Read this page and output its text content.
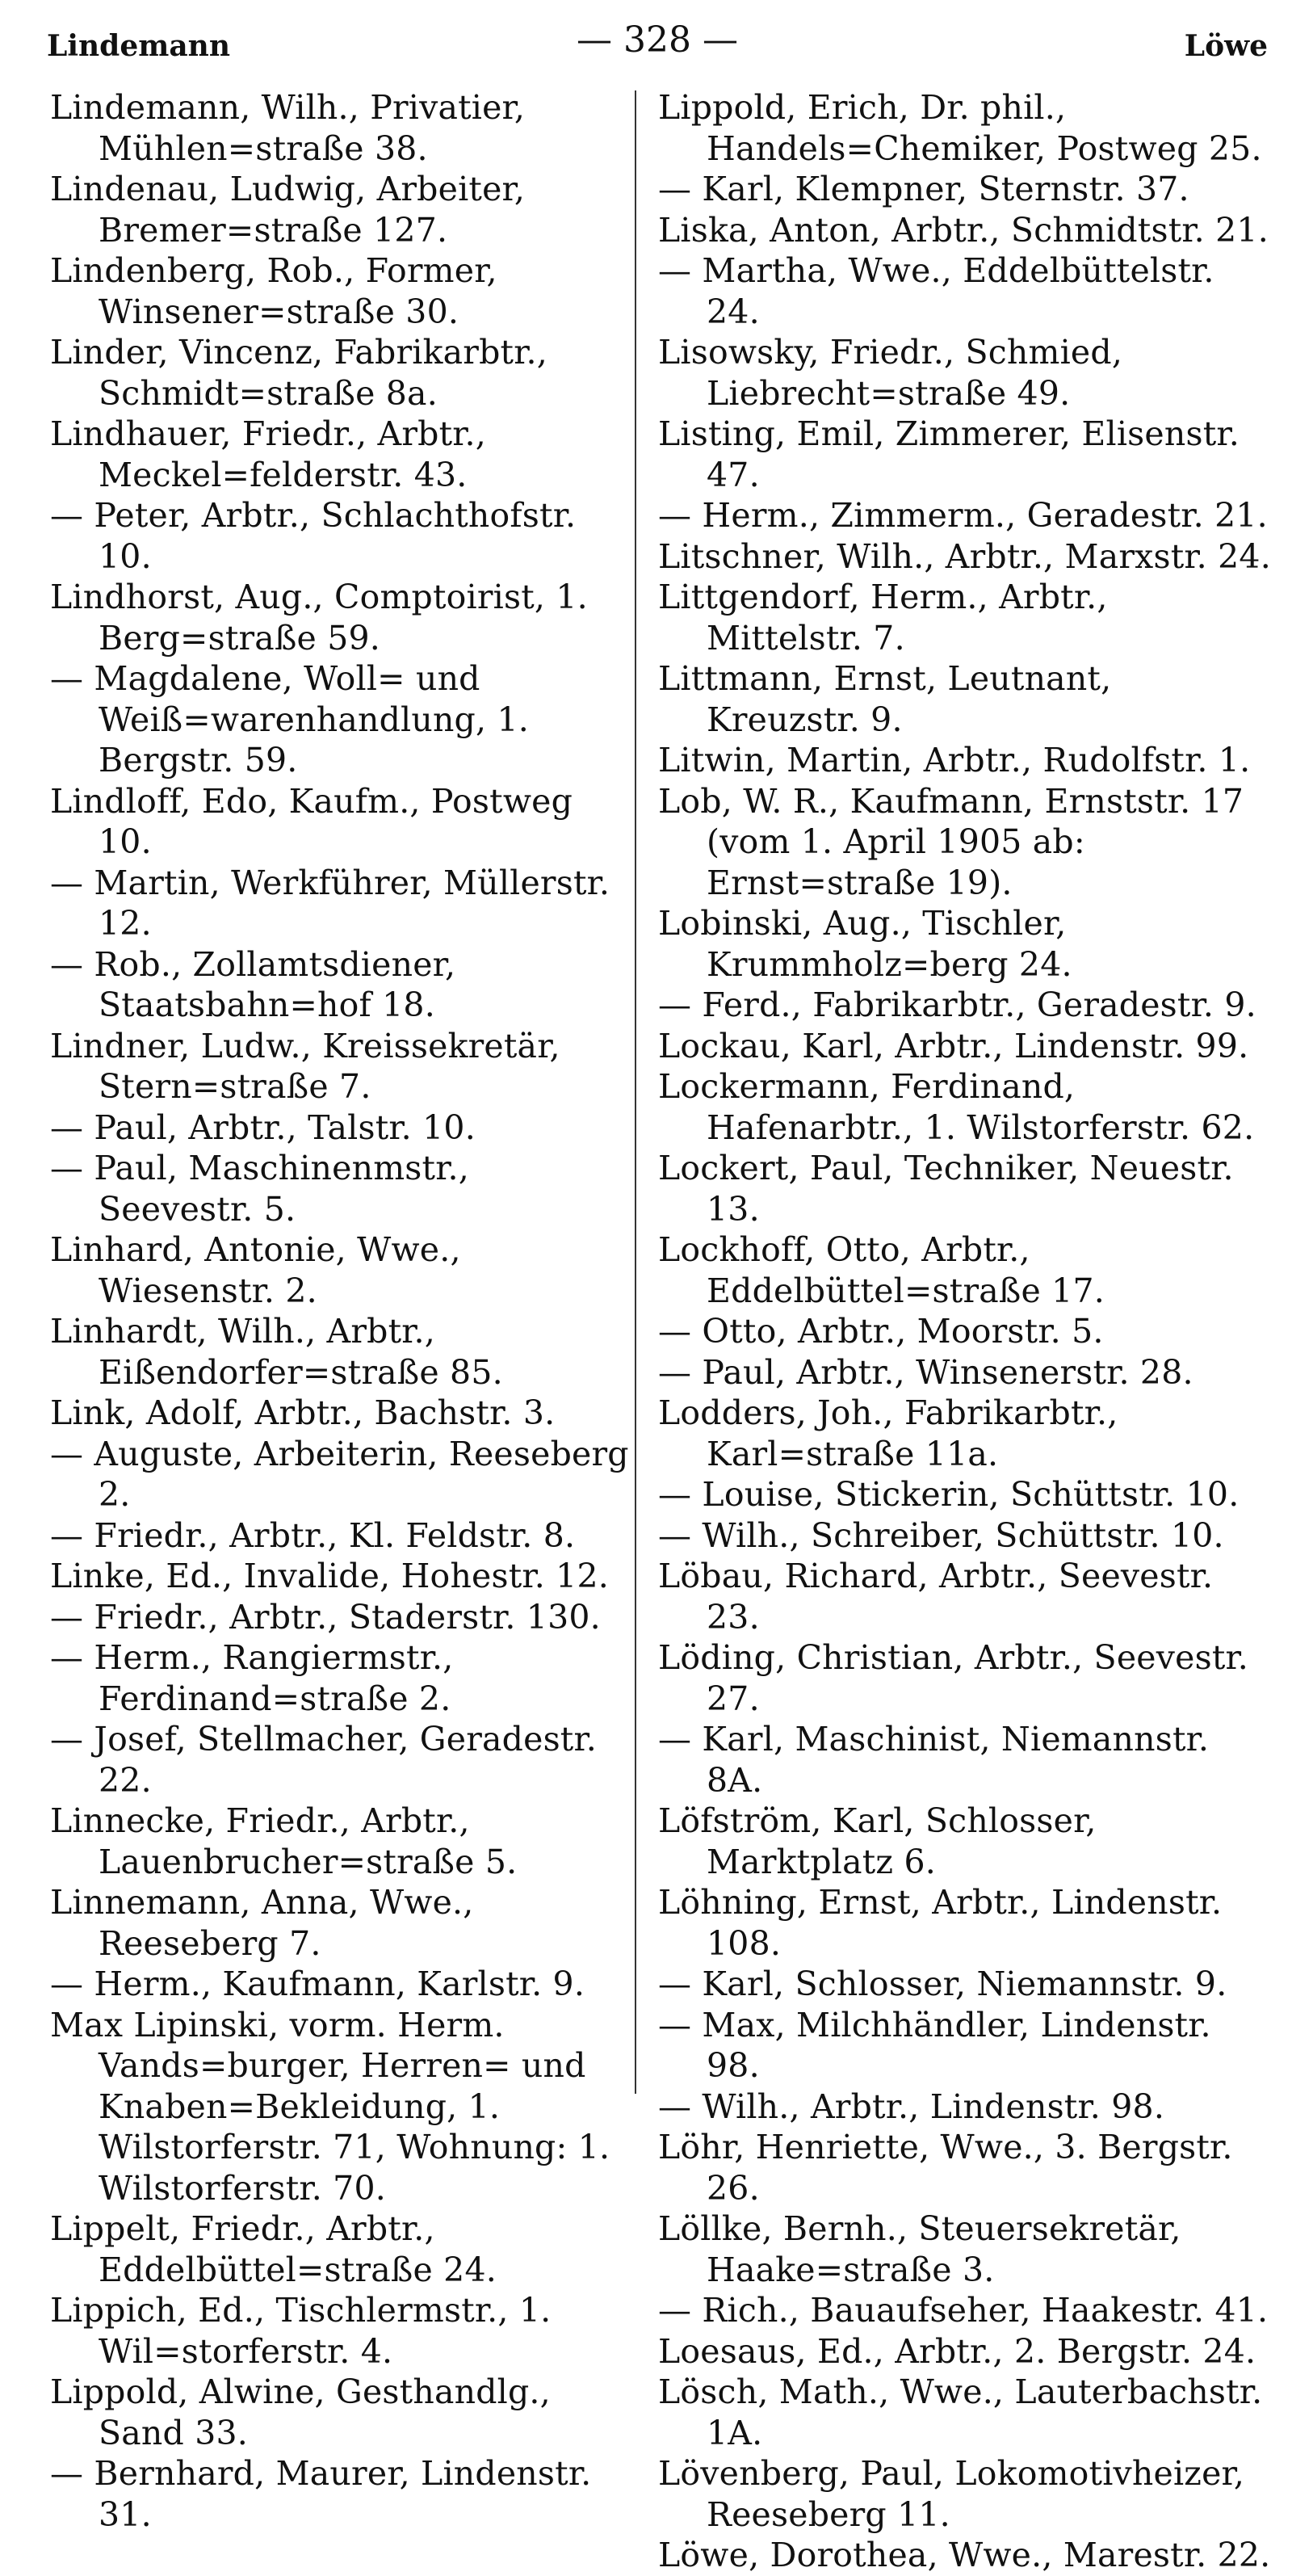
Lindemann	— 328 —	Löwe
Lindemann, Wilh., Privatier, Mühlen=straße 38.
Lindenau, Ludwig, Arbeiter, Bremer=straße 127.
Lindenberg, Rob., Former, Winsener=straße 30.
Linder, Vincenz, Fabrikarbtr., Schmidt=straße 8a.
Lindhauer, Friedr., Arbtr., Meckel=felderstr. 43.
— Peter, Arbtr., Schlachthofstr. 10.
Lindhorst, Aug., Comptoirist, 1. Berg=straße 59.
— Magdalene, Woll= und Weiß=warenhandlung, 1. Bergstr. 59.
Lindloff, Edo, Kaufm., Postweg 10.
— Martin, Werkführer, Müllerstr. 12.
— Rob., Zollamtsdiener, Staatsbahn=hof 18.
Lindner, Ludw., Kreissekretär, Stern=straße 7.
— Paul, Arbtr., Talstr. 10.
— Paul, Maschinenmstr., Seevestr. 5.
Linhard, Antonie, Wwe., Wiesenstr. 2.
Linhardt, Wilh., Arbtr., Eißendorfer=straße 85.
Link, Adolf, Arbtr., Bachstr. 3.
— Auguste, Arbeiterin, Reeseberg 2.
— Friedr., Arbtr., Kl. Feldstr. 8.
Linke, Ed., Invalide, Hohestr. 12.
— Friedr., Arbtr., Staderstr. 130.
— Herm., Rangiermstr., Ferdinand=straße 2.
— Josef, Stellmacher, Geradestr. 22.
Linnecke, Friedr., Arbtr., Lauenbrucher=straße 5.
Linnemann, Anna, Wwe., Reeseberg 7.
— Herm., Kaufmann, Karlstr. 9.
Max Lipinski, vorm. Herm. Vands=burger, Herren= und Knaben=Bekleidung, 1. Wilstorferstr. 71, Wohnung: 1. Wilstorferstr. 70.
Lippelt, Friedr., Arbtr., Eddelbüttel=straße 24.
Lippich, Ed., Tischlermstr., 1. Wil=storferstr. 4.
Lippold, Alwine, Gesthandlg., Sand 33.
— Bernhard, Maurer, Lindenstr. 31.
Lippold, Erich, Dr. phil., Handels=Chemiker, Postweg 25.
— Karl, Klempner, Sternstr. 37.
Liska, Anton, Arbtr., Schmidtstr. 21.
— Martha, Wwe., Eddelbüttelstr. 24.
Lisowsky, Friedr., Schmied, Liebrecht=straße 49.
Listing, Emil, Zimmerer, Elisenstr. 47.
— Herm., Zimmerm., Geradestr. 21.
Litschner, Wilh., Arbtr., Marxstr. 24.
Littgendorf, Herm., Arbtr., Mittelstr. 7.
Littmann, Ernst, Leutnant, Kreuzstr. 9.
Litwin, Martin, Arbtr., Rudolfstr. 1.
Lob, W. R., Kaufmann, Ernststr. 17 (vom 1. April 1905 ab: Ernst=straße 19).
Lobinski, Aug., Tischler, Krummholz=berg 24.
— Ferd., Fabrikarbtr., Geradestr. 9.
Lockau, Karl, Arbtr., Lindenstr. 99.
Lockermann, Ferdinand, Hafenarbtr., 1. Wilstorferstr. 62.
Lockert, Paul, Techniker, Neuestr. 13.
Lockhoff, Otto, Arbtr., Eddelbüttel=straße 17.
— Otto, Arbtr., Moorstr. 5.
— Paul, Arbtr., Winsenerstr. 28.
Lodders, Joh., Fabrikarbtr., Karl=straße 11a.
— Louise, Stickerin, Schüttstr. 10.
— Wilh., Schreiber, Schüttstr. 10.
Löbau, Richard, Arbtr., Seevestr. 23.
Löding, Christian, Arbtr., Seevestr. 27.
— Karl, Maschinist, Niemannstr. 8A.
Löfström, Karl, Schlosser, Marktplatz 6.
Löhning, Ernst, Arbtr., Lindenstr. 108.
— Karl, Schlosser, Niemannstr. 9.
— Max, Milchhändler, Lindenstr. 98.
— Wilh., Arbtr., Lindenstr. 98.
Löhr, Henriette, Wwe., 3. Bergstr. 26.
Löllke, Bernh., Steuersekretär, Haake=straße 3.
— Rich., Bauaufseher, Haakestr. 41.
Loesaus, Ed., Arbtr., 2. Bergstr. 24.
Lösch, Math., Wwe., Lauterbachstr. 1A.
Lövenberg, Paul, Lokomotivheizer, Reeseberg 11.
Löwe, Dorothea, Wwe., Marestr. 22.
